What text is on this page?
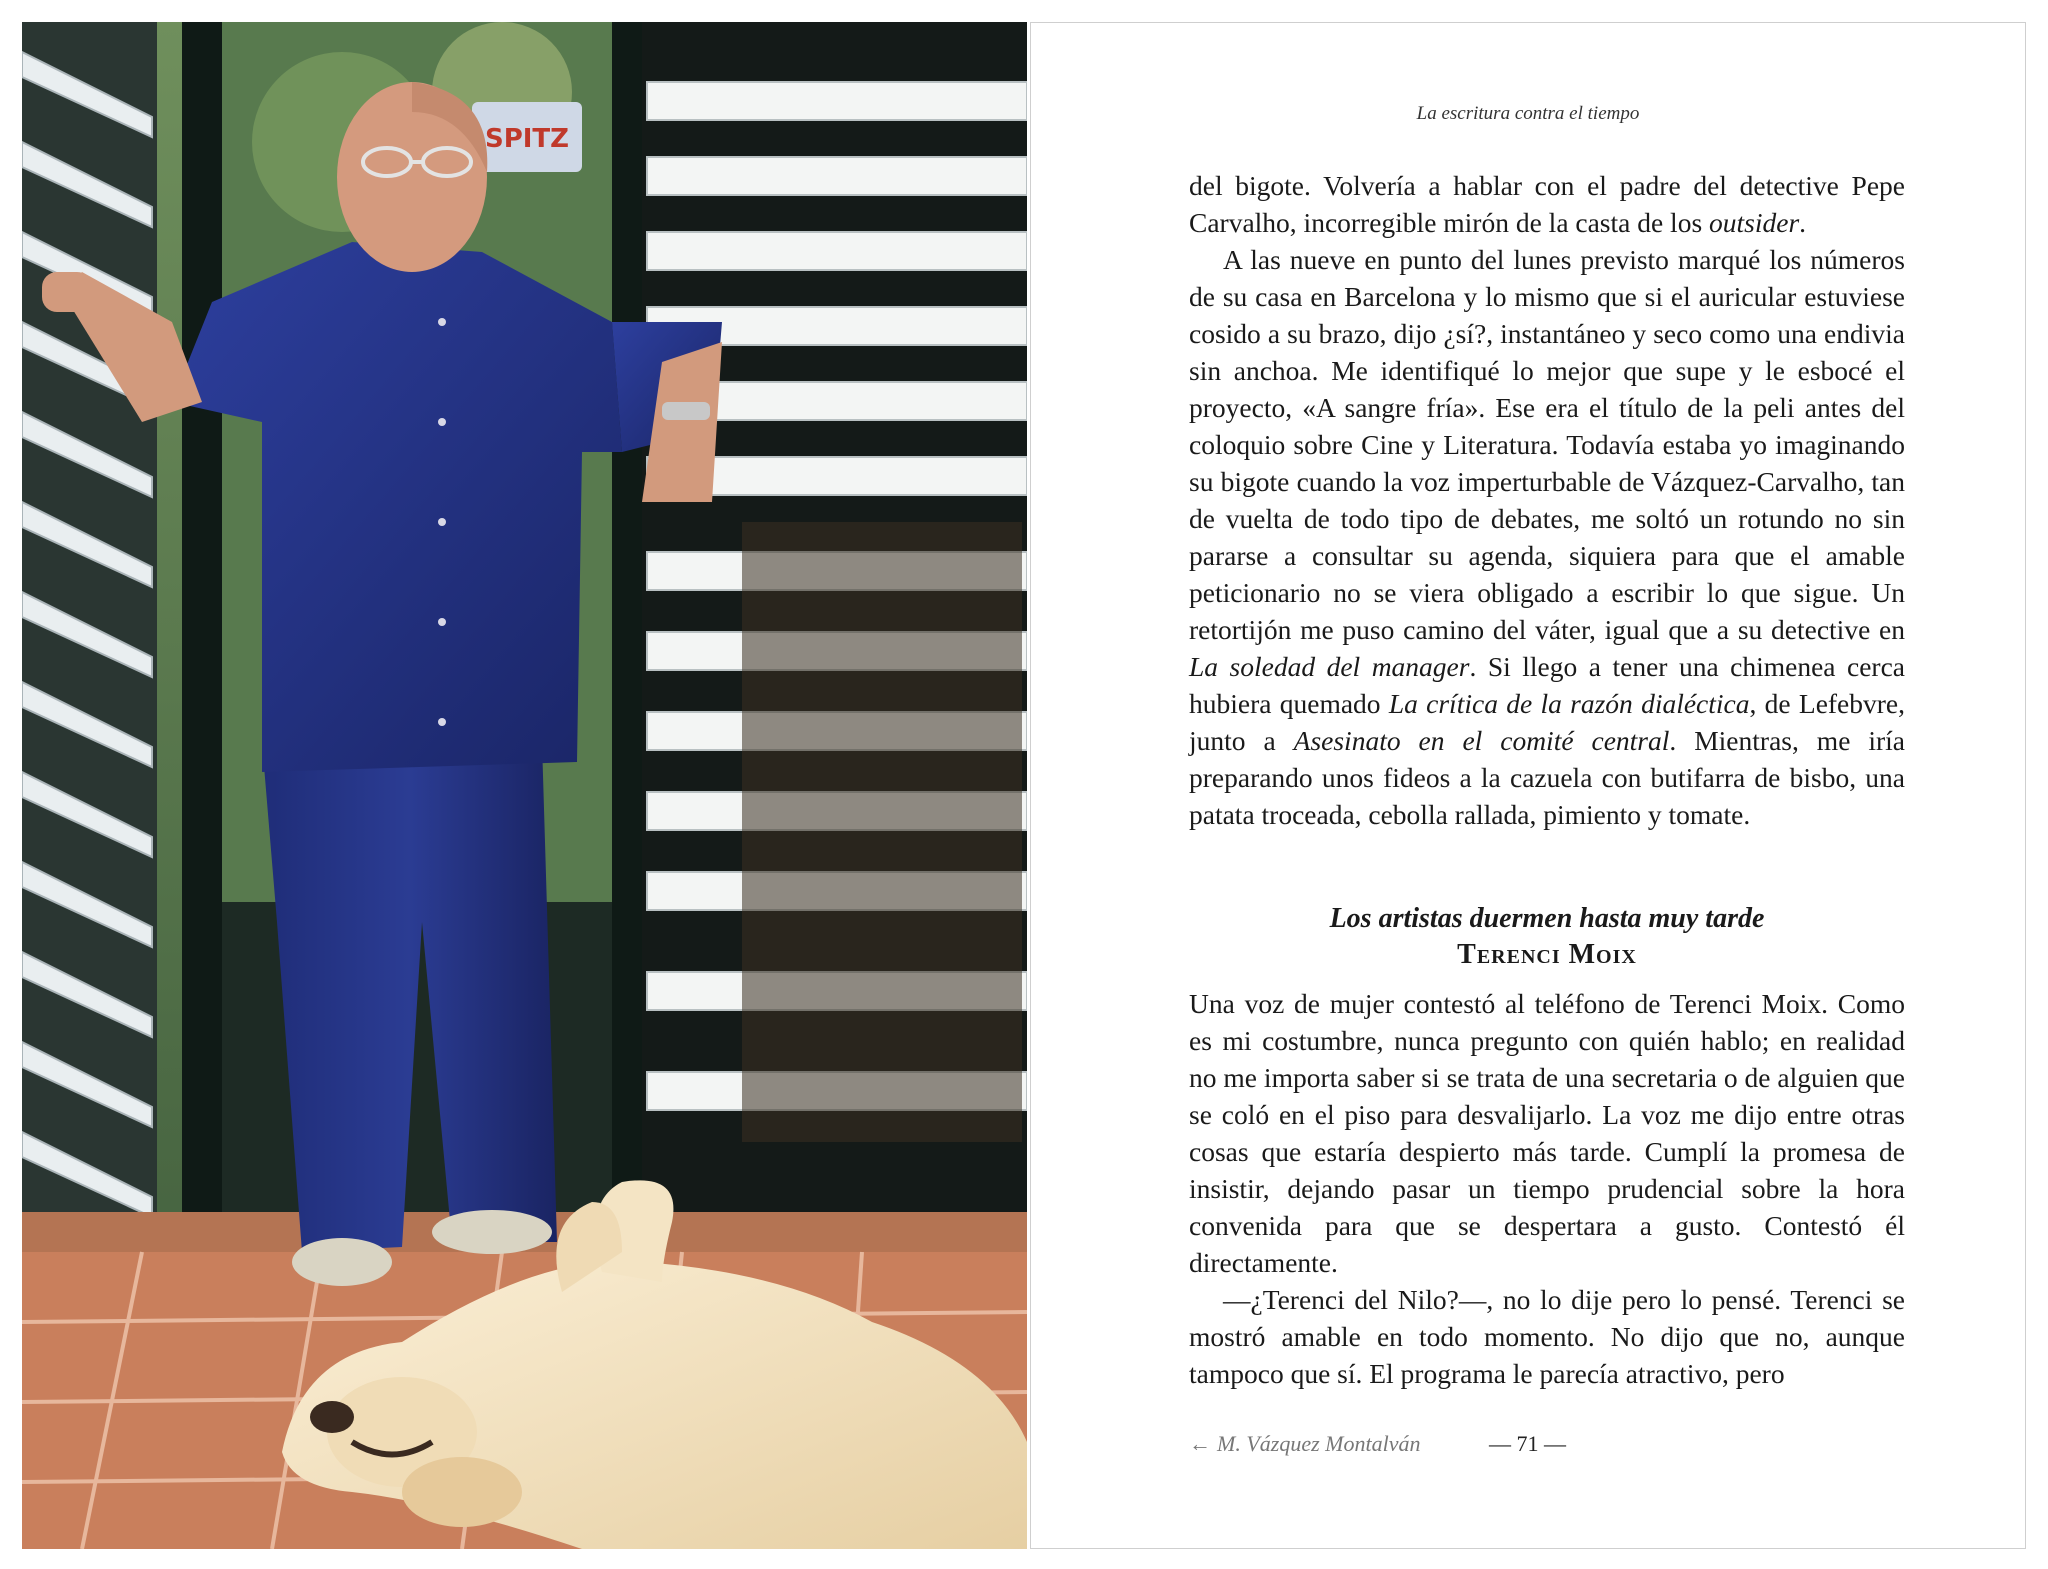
SPITZ
La escritura contra el tiempo

del bigote. Volvería a hablar con el padre del detective Pepe Carvalho, incorregible mirón de la casta de los outsider.

A las nueve en punto del lunes previsto marqué los números de su casa en Barcelona y lo mismo que si el auricular estuviese cosido a su brazo, dijo ¿sí?, instantáneo y seco como una endivia sin anchoa. Me identifiqué lo mejor que supe y le esbocé el proyecto, «A sangre fría». Ese era el título de la peli antes del coloquio sobre Cine y Literatura. Todavía estaba yo imaginando su bigote cuando la voz imperturbable de Vázquez-Carvalho, tan de vuelta de todo tipo de debates, me soltó un rotundo no sin pararse a consultar su agenda, siquiera para que el amable peticionario no se viera obligado a escribir lo que sigue. Un retortijón me puso camino del váter, igual que a su detective en La soledad del manager. Si llego a tener una chimenea cerca hubiera quemado La crítica de la razón dialéctica, de Lefebvre, junto a Asesinato en el comité central. Mientras, me iría preparando unos fideos a la cazuela con butifarra de bisbo, una patata troceada, cebolla rallada, pimiento y tomate.

Los artistas duermen hasta muy tarde
Terenci Moix

Una voz de mujer contestó al teléfono de Terenci Moix. Como es mi costumbre, nunca pregunto con quién hablo; en realidad no me importa saber si se trata de una secretaria o de alguien que se coló en el piso para desvalijarlo. La voz me dijo entre otras cosas que estaría despierto más tarde. Cumplí la promesa de insistir, dejando pasar un tiempo prudencial sobre la hora convenida para que se despertara a gusto. Contestó él directamente.

—¿Terenci del Nilo?—, no lo dije pero lo pensé. Terenci se mostró amable en todo momento. No dijo que no, aunque tampoco que sí. El programa le parecía atractivo, pero

← M. Vázquez Montalván	— 71 —
